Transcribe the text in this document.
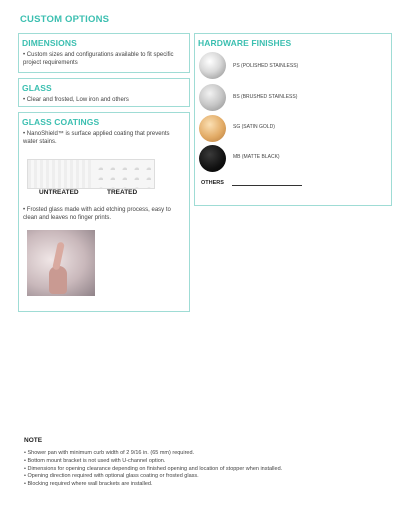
CUSTOM OPTIONS
DIMENSIONS
• Custom sizes and configurations available to fit specific project requirements
GLASS
• Clear and frosted, Low iron and others
GLASS COATINGS
• NanoShield™ is surface applied coating that prevents water stains.
UNTREATED	TREATED
• Frosted glass made with acid etching process, easy to clean and leaves no finger prints.
HARDWARE FINISHES
PS (POLISHED STAINLESS)
BS (BRUSHED STAINLESS)
SG (SATIN GOLD)
MB (MATTE BLACK)
OTHERS
NOTE
• Shower pan with minimum curb width of 2 9/16 in. (65 mm) required.
• Bottom mount bracket is not used with U-channel option.
• Dimensions for opening clearance depending on finished opening and location of stopper when installed.
• Opening direction required with optional glass coating or frosted glass.
• Blocking required where wall brackets are installed.
